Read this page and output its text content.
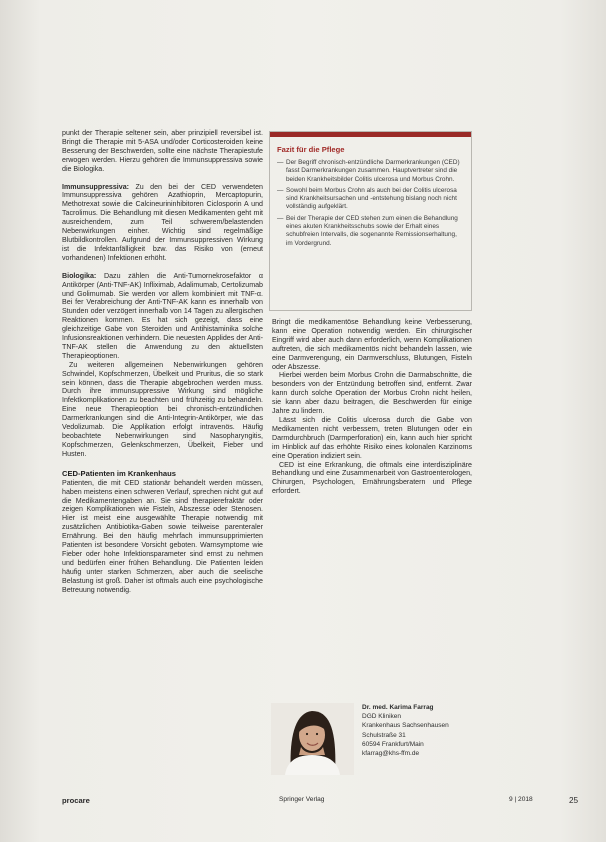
punkt der Therapie seltener sein, aber prinzipiell reversibel ist. Bringt die Therapie mit 5-ASA und/oder Corticosteroiden keine Besserung der Beschwerden, sollte eine nächste Therapiestufe erwogen werden. Hierzu gehören die Immunsuppressiva sowie die Biologika.

Immunsuppressiva: Zu den bei der CED verwendeten Immunsuppressiva gehören Azathioprin, Mercaptopurin, Methotrexat sowie die Calcineurininhibitoren Ciclosporin A und Tacrolimus. Die Behandlung mit diesen Medikamenten geht mit ausreichendem, zum Teil schwerem/belastenden Nebenwirkungen einher. Wichtig sind regelmäßige Blutbildkontrollen. Aufgrund der Immunsuppressiven Wirkung ist die Infektanfälligkeit bzw. das Risiko von (erneut vorhandenen) Infektionen erhöht.

Biologika: Dazu zählen die Anti-Tumornekrosefaktor α Antikörper (Anti-TNF-AK) Infliximab, Adalimumab, Certolizumab und Golimumab. Sie werden vor allem kombiniert mit TNF-α. Bei fer Verabreichung der Anti-TNF-AK kann es innerhalb von Stunden oder verzögert innerhalb von 14 Tagen zu allergischen Reaktionen kommen. Es hat sich gezeigt, dass eine gleichzeitige Gabe von Steroiden und Antihistaminika solche Infusionsreaktionen verhindern. Die neuesten Applides der Anti-TNF-AK stellen die Anwendung zu den aktuellsten Therapieoptionen.

Zu weiteren allgemeinen Nebenwirkungen gehören Schwindel, Kopfschmerzen, Übelkeit und Pruritus, die so stark sein können, dass die Therapie abgebrochen werden muss. Durch ihre immunsuppressive Wirkung sind mögliche Infektkomplikationen zu beachten und frühzeitig zu behandeln. Eine neue Therapieoption bei chronisch-entzündlichen Darmerkrankungen sind die Anti-Integrin-Antikörper, wie das Vedolizumab. Die Applikation erfolgt intravenös. Häufig beobachtete Nebenwirkungen sind Nasopharyngitis, Kopfschmerzen, Gelenkschmerzen, Übelkeit, Fieber und Husten.

CED-Patienten im Krankenhaus

Patienten, die mit CED stationär behandelt werden müssen, haben meistens einen schweren Verlauf, sprechen nicht gut auf die Medikamentengaben an. Sie sind therapierefraktär oder zeigen Komplikationen wie Fisteln, Abszesse oder Stenosen. Hier ist meist eine ausgewählte Therapie notwendig mit zusätzlichen Antibiotika-Gaben sowie teilweise parenteraler Ernährung. Bei den häufig mehrfach immunsupprimierten Patienten ist besondere Vorsicht geboten. Warnsymptome wie Fieber oder hohe Infektionsparameter sind ernst zu nehmen und bedürfen einer frühen Behandlung. Die Patienten leiden häufig unter starken Schmerzen, aber auch die seelische Belastung ist groß. Daher ist oftmals auch eine psychologische Betreuung notwendig.

Fazit für die Pflege
— Der Begriff chronisch-entzündliche Darmerkrankungen (CED) fasst Darmerkrankungen zusammen. Hauptvertreter sind die beiden Krankheitsbilder Colitis ulcerosa und Morbus Crohn.
— Sowohl beim Morbus Crohn als auch bei der Colitis ulcerosa sind Krankheitsursachen und -entstehung bislang noch nicht vollständig aufgeklärt.
— Bei der Therapie der CED stehen zum einen die Behandlung eines akuten Krankheitsschubs sowie der Erhalt eines schubfreien Intervalls, die sogenannte Remissionserhaltung, im Vordergrund.

Bringt die medikamentöse Behandlung keine Verbesserung, kann eine Operation notwendig werden. Ein chirurgischer Eingriff wird aber auch dann erforderlich, wenn Komplikationen auftreten, die sich medikamentös nicht behandeln lassen, wie eine Darmverengung, ein Darmverschluss, Blutungen, Fisteln oder Abszesse.

Hierbei werden beim Morbus Crohn die Darmabschnitte, die besonders von der Entzündung betroffen sind, entfernt. Zwar kann durch solche Operation der Morbus Crohn nicht heilen, sie kann aber dazu beitragen, die Beschwerden für einige Jahre zu lindern.

Lässt sich die Colitis ulcerosa durch die Gabe von Medikamenten nicht verbessern, treten Blutungen oder ein Darmdurchbruch (Darmperforation) ein, kann auch hier spricht im Hinblick auf das erhöhte Risiko eines kolonalen Karzinoms eine Operation indiziert sein.

CED ist eine Erkrankung, die oftmals eine interdisziplinäre Behandlung und eine Zusammenarbeit von Gastroenterologen, Chirurgen, Psychologen, Ernährungsberatern und Pflege erfordert.

Dr. med. Karima Farrag
DGD Kliniken
Krankenhaus Sachsenhausen
Schulstraße 31
60594 Frankfurt/Main
kfarrag@khs-ffm.de
procare	Springer Verlag	9 | 2018	25
